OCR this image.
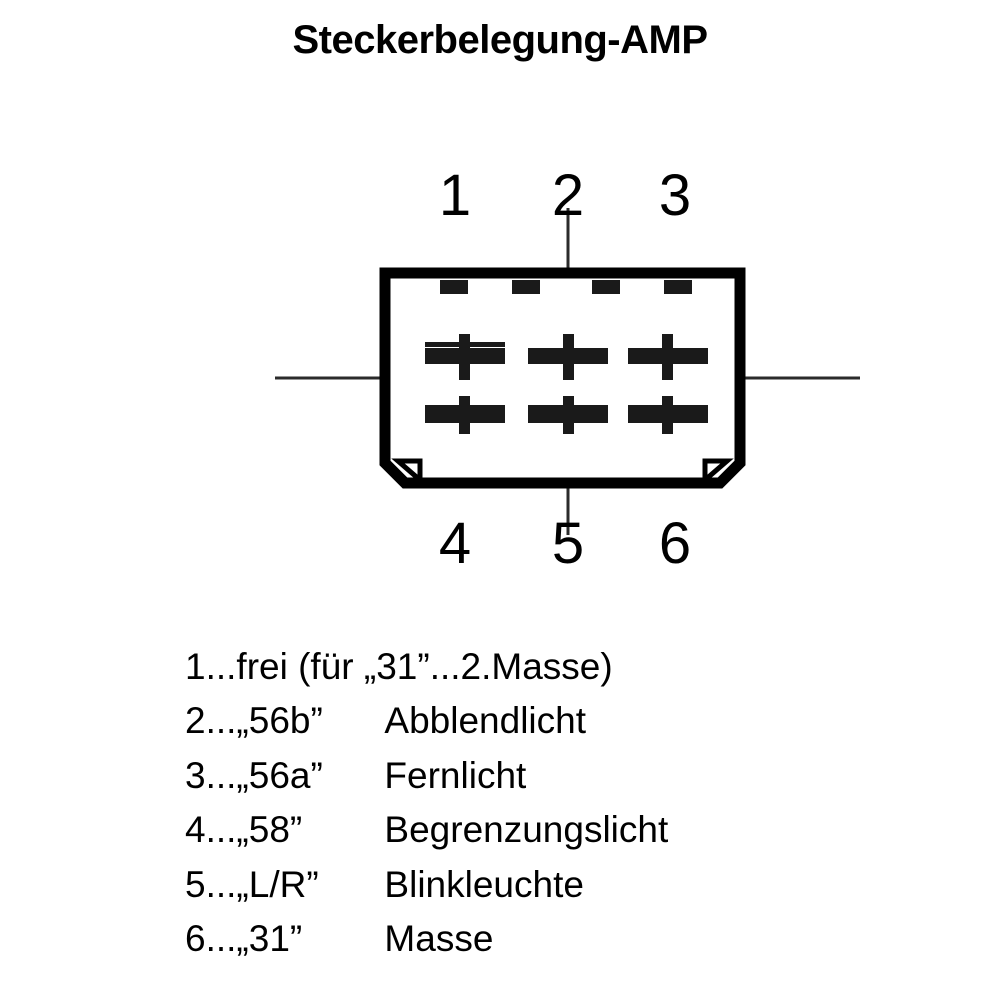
Steckerbelegung-AMP
1 2 3
4 5 6
1... frei (für „31” ...2.Masse)
2... „56b”	Abblendlicht
3... „56a”	Fernlicht
4... „58”	Begrenzungslicht
5... „L/R”	Blinkleuchte
6... „31”	Masse
